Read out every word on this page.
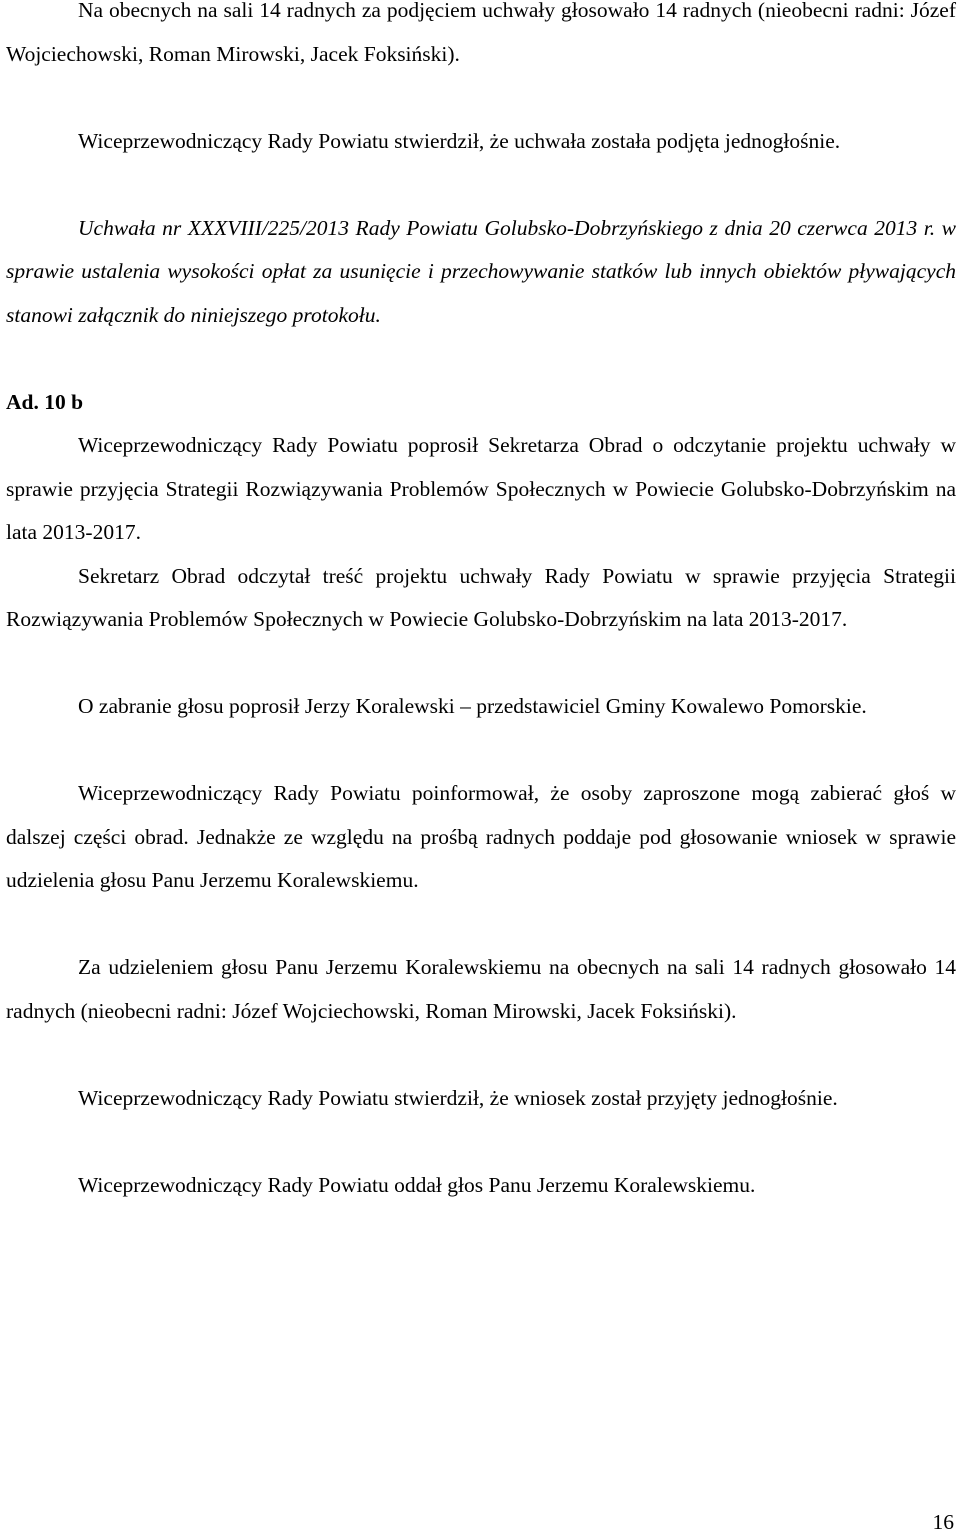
Na obecnych na sali 14 radnych za podjęciem uchwały głosowało 14 radnych (nieobecni radni: Józef Wojciechowski, Roman Mirowski, Jacek Foksiński).

Wiceprzewodniczący Rady Powiatu stwierdził, że uchwała została podjęta jednogłośnie.

Uchwała nr XXXVIII/225/2013 Rady Powiatu Golubsko-Dobrzyńskiego z dnia 20 czerwca 2013 r. w sprawie ustalenia wysokości opłat za usunięcie i przechowywanie statków lub innych obiektów pływających stanowi załącznik do niniejszego protokołu.

Ad. 10 b

Wiceprzewodniczący Rady Powiatu poprosił Sekretarza Obrad o odczytanie projektu uchwały w sprawie przyjęcia Strategii Rozwiązywania Problemów Społecznych w Powiecie Golubsko-Dobrzyńskim na lata 2013-2017.

Sekretarz Obrad odczytał treść projektu uchwały Rady Powiatu w sprawie przyjęcia Strategii Rozwiązywania Problemów Społecznych w Powiecie Golubsko-Dobrzyńskim na lata 2013-2017.

O zabranie głosu poprosił Jerzy Koralewski – przedstawiciel Gminy Kowalewo Pomorskie.

Wiceprzewodniczący Rady Powiatu poinformował, że osoby zaproszone mogą zabierać głoś w dalszej części obrad. Jednakże ze względu na prośbą radnych poddaje pod głosowanie wniosek w sprawie udzielenia głosu Panu Jerzemu Koralewskiemu.

Za udzieleniem głosu Panu Jerzemu Koralewskiemu na obecnych na sali 14 radnych głosowało 14 radnych (nieobecni radni: Józef Wojciechowski, Roman Mirowski, Jacek Foksiński).

Wiceprzewodniczący Rady Powiatu stwierdził, że wniosek został przyjęty jednogłośnie.

Wiceprzewodniczący Rady Powiatu oddał głos Panu Jerzemu Koralewskiemu.

16
